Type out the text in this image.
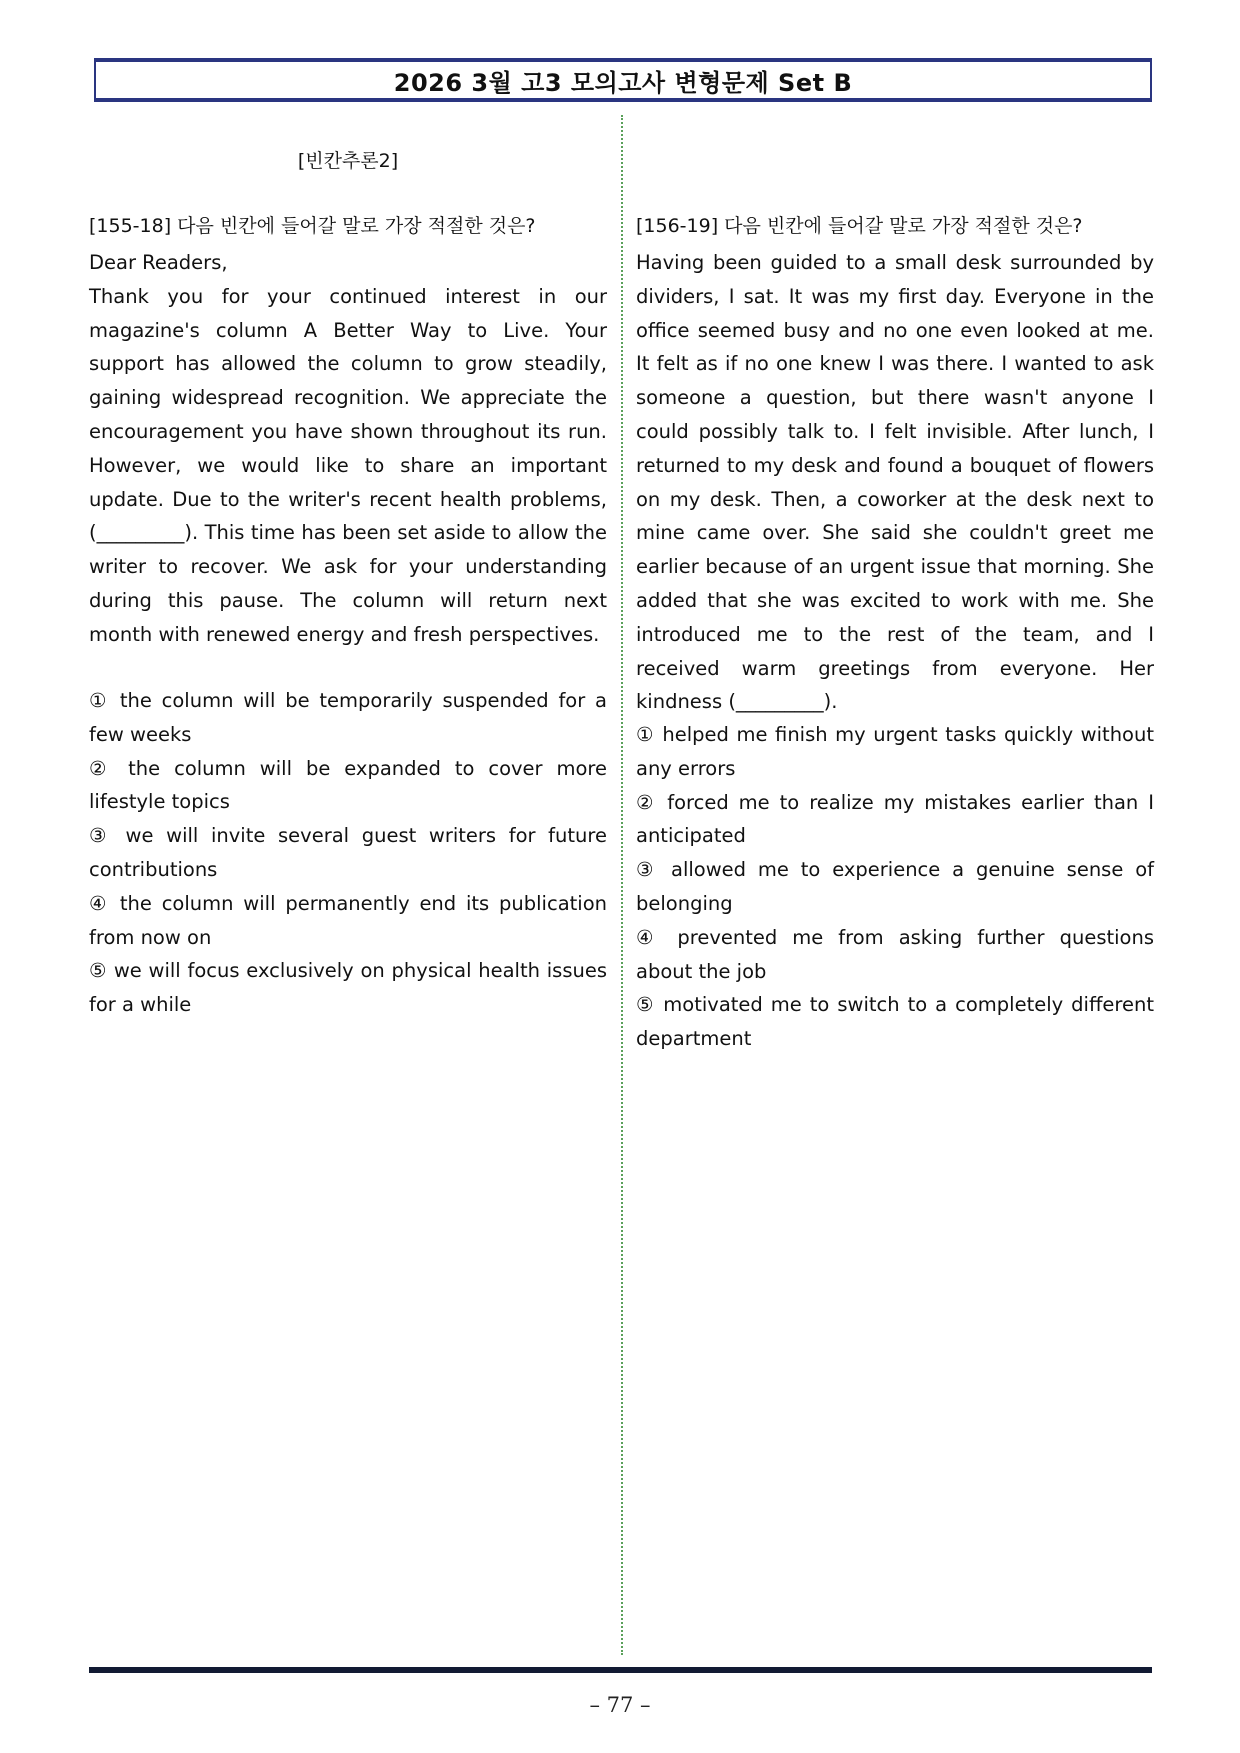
2026 3월 고3 모의고사 변형문제 Set B
[빈칸추론2]
[155-18] 다음 빈칸에 들어갈 말로 가장 적절한 것은?

Dear Readers,

Thank you for your continued interest in our magazine's column A Better Way to Live. Your support has allowed the column to grow steadily, gaining widespread recognition. We appreciate the encouragement you have shown throughout its run. However, we would like to share an important update. Due to the writer's recent health problems, (_________). This time has been set aside to allow the writer to recover. We ask for your understanding during this pause. The column will return next month with renewed energy and fresh perspectives.

① the column will be temporarily suspended for a few weeks
② the column will be expanded to cover more lifestyle topics
③ we will invite several guest writers for future contributions
④ the column will permanently end its publication from now on
⑤ we will focus exclusively on physical health issues for a while
[156-19] 다음 빈칸에 들어갈 말로 가장 적절한 것은?

Having been guided to a small desk surrounded by dividers, I sat. It was my first day. Everyone in the office seemed busy and no one even looked at me. It felt as if no one knew I was there. I wanted to ask someone a question, but there wasn't anyone I could possibly talk to. I felt invisible. After lunch, I returned to my desk and found a bouquet of flowers on my desk. Then, a coworker at the desk next to mine came over. She said she couldn't greet me earlier because of an urgent issue that morning. She added that she was excited to work with me. She introduced me to the rest of the team, and I received warm greetings from everyone. Her kindness (_________).

① helped me finish my urgent tasks quickly without any errors
② forced me to realize my mistakes earlier than I anticipated
③ allowed me to experience a genuine sense of belonging
④ prevented me from asking further questions about the job
⑤ motivated me to switch to a completely different department
– 77 –
